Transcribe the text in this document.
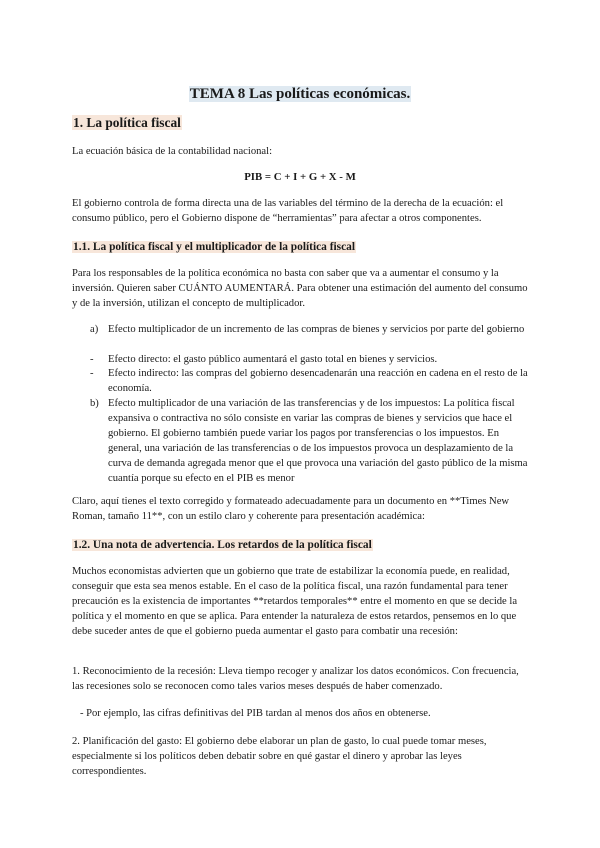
TEMA 8 Las políticas económicas.
1. La política fiscal

La ecuación básica de la contabilidad nacional:

PIB = C + I + G + X - M

El gobierno controla de forma directa una de las variables del término de la derecha de la ecuación: el consumo público, pero el Gobierno dispone de “herramientas” para afectar a otros componentes.

1.1. La política fiscal y el multiplicador de la política fiscal

Para los responsables de la política económica no basta con saber que va a aumentar el consumo y la inversión. Quieren saber CUÁNTO AUMENTARÁ. Para obtener una estimación del aumento del consumo y de la inversión, utilizan el concepto de multiplicador.

a) Efecto multiplicador de un incremento de las compras de bienes y servicios por parte del gobierno
- Efecto directo: el gasto público aumentará el gasto total en bienes y servicios.
- Efecto indirecto: las compras del gobierno desencadenarán una reacción en cadena en el resto de la economía.
b) Efecto multiplicador de una variación de las transferencias y de los impuestos: La política fiscal expansiva o contractiva no sólo consiste en variar las compras de bienes y servicios que hace el gobierno. El gobierno también puede variar los pagos por transferencias o los impuestos. En general, una variación de las transferencias o de los impuestos provoca un desplazamiento de la curva de demanda agregada menor que el que provoca una variación del gasto público de la misma cuantía porque su efecto en el PIB es menor

Claro, aquí tienes el texto corregido y formateado adecuadamente para un documento en **Times New Roman, tamaño 11**, con un estilo claro y coherente para presentación académica:

1.2. Una nota de advertencia. Los retardos de la política fiscal

Muchos economistas advierten que un gobierno que trate de estabilizar la economía puede, en realidad, conseguir que esta sea menos estable. En el caso de la política fiscal, una razón fundamental para tener precaución es la existencia de importantes **retardos temporales** entre el momento en que se decide la política y el momento en que se aplica. Para entender la naturaleza de estos retardos, pensemos en lo que debe suceder antes de que el gobierno pueda aumentar el gasto para combatir una recesión:

1. Reconocimiento de la recesión: Lleva tiempo recoger y analizar los datos económicos. Con frecuencia, las recesiones solo se reconocen como tales varios meses después de haber comenzado.

- Por ejemplo, las cifras definitivas del PIB tardan al menos dos años en obtenerse.

2. Planificación del gasto: El gobierno debe elaborar un plan de gasto, lo cual puede tomar meses, especialmente si los políticos deben debatir sobre en qué gastar el dinero y aprobar las leyes correspondientes.
